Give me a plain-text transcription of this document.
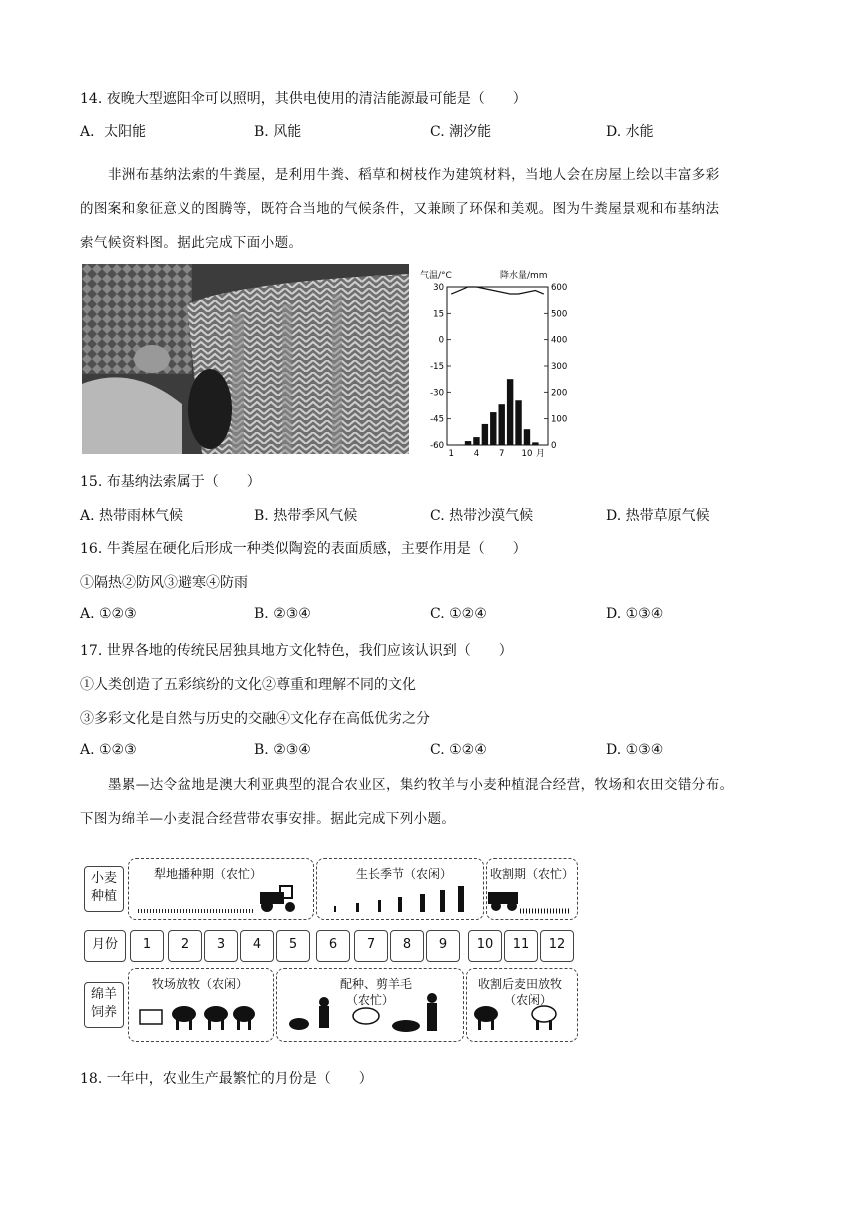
14. 夜晚大型遮阳伞可以照明，其供电使用的清洁能源最可能是（　　）
A．太阳能	B. 风能	C. 潮汐能	D. 水能

非洲布基纳法索的牛粪屋，是利用牛粪、稻草和树枝作为建筑材料，当地人会在房屋上绘以丰富多彩

的图案和象征意义的图腾等，既符合当地的气候条件，又兼顾了环保和美观。图为牛粪屋景观和布基纳法

索气候资料图。据此完成下面小题。

气温/°C	降水量/mm
月
30
15
0
-15
-30
-45
-60
600
500
400
300
200
100
0
1 4 7 10
15. 布基纳法索属于（　　）
A. 热带雨林气候	B. 热带季风气候	C. 热带沙漠气候	D. 热带草原气候
16. 牛粪屋在硬化后形成一种类似陶瓷的表面质感，主要作用是（　　）
①隔热②防风③避寒④防雨
A. ①②③	B. ②③④	C. ①②④	D. ①③④
17. 世界各地的传统民居独具地方文化特色，我们应该认识到（　　）
①人类创造了五彩缤纷的文化②尊重和理解不同的文化
③多彩文化是自然与历史的交融④文化存在高低优劣之分
A. ①②③	B. ②③④	C. ①②④	D. ①③④

墨累—达令盆地是澳大利亚典型的混合农业区，集约牧羊与小麦种植混合经营，牧场和农田交错分布。

下图为绵羊—小麦混合经营带农事安排。据此完成下列小题。

小麦
种植
月份
绵羊
饲养
犁地播种期（农忙）	生长季节（农闲）	收割期（农忙）
1	2	3	4	5	6	7	8	9	10	11	12
牧场放牧（农闲）	配种、剪羊毛
（农忙）
收割后麦田放牧
（农闲）
18. 一年中，农业生产最繁忙的月份是（　　）
